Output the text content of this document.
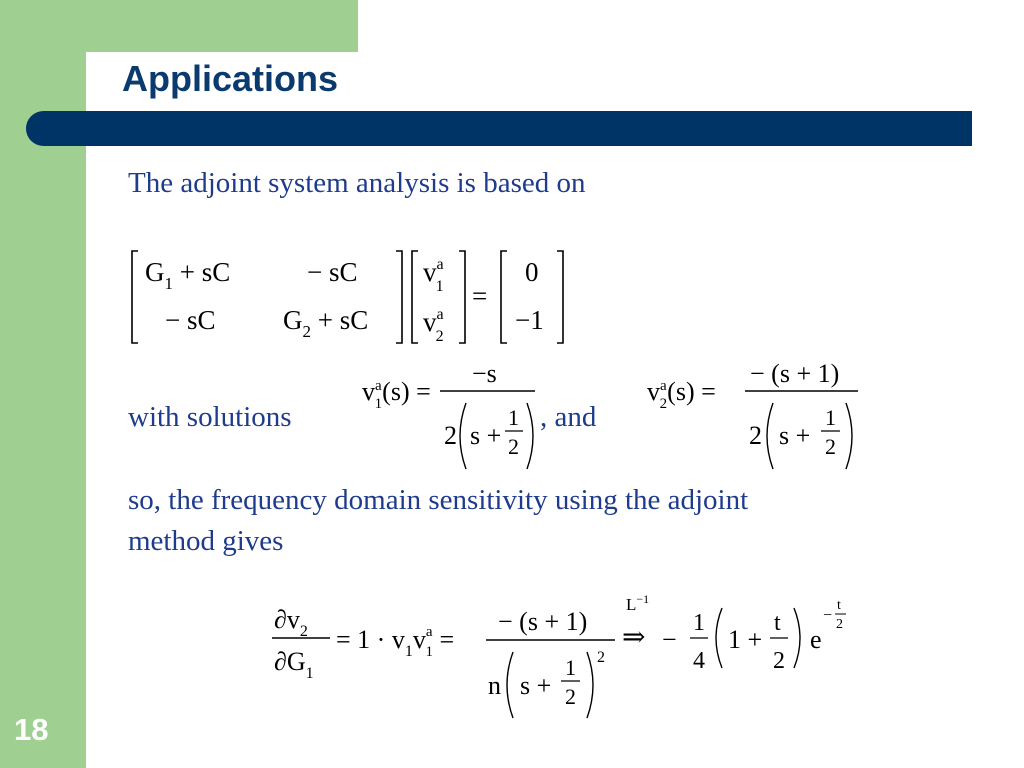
Applications
18
The adjoint system analysis is based on
$G_1$ + sC	− sC
− sC	$G_2$ + sC
$v^a$ 1
$v^a$ 2
=
0
−1
with solutions
$v^a$ 1(s) =
−s
2 s +
1
2
, and
$v^a$ 2(s) =
− (s + 1)
2 s +
1
2
so, the frequency domain sensitivity using the adjoint
method gives
$\partial v_2$
$\partial G_1$
= $1 \cdot v_1v^a$ 1 =
− (s + 1)
n s +
1
2
2
$L^{-1}$
⇒ −
1
4
1 +
t
2
e
−
t
2
